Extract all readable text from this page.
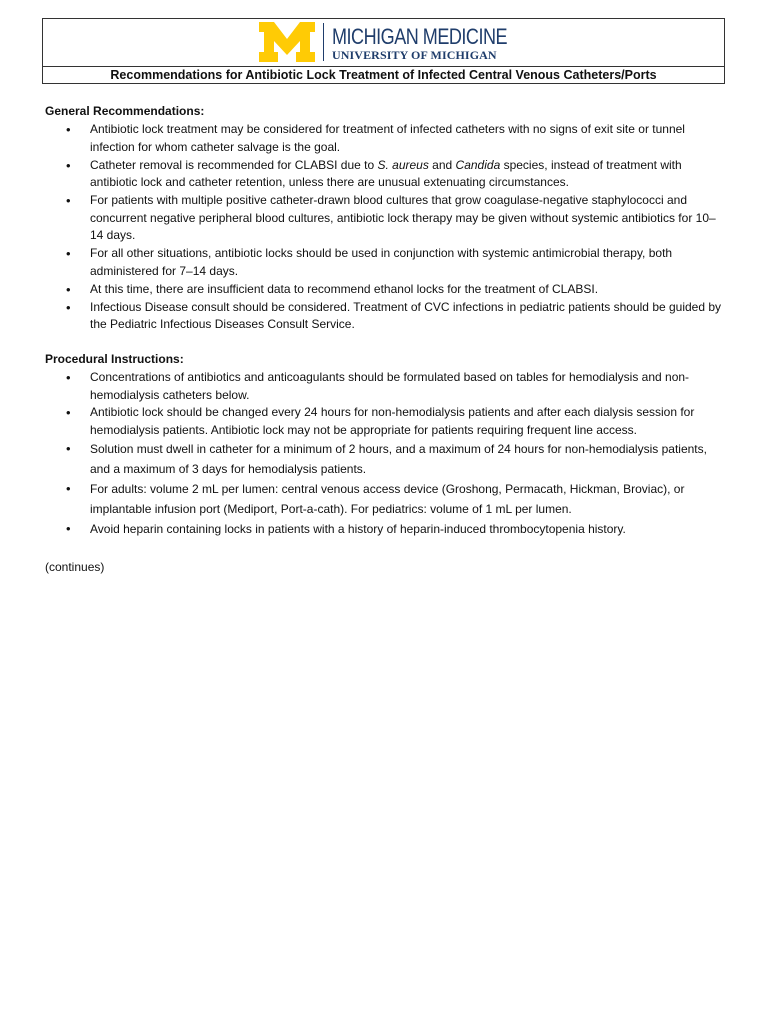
MICHIGAN MEDICINE
UNIVERSITY OF MICHIGAN
Recommendations for Antibiotic Lock Treatment of Infected Central Venous Catheters/Ports
General Recommendations:
• Antibiotic lock treatment may be considered for treatment of infected catheters with no signs of exit site or tunnel infection for whom catheter salvage is the goal.
• Catheter removal is recommended for CLABSI due to S. aureus and Candida species, instead of treatment with antibiotic lock and catheter retention, unless there are unusual extenuating circumstances.
• For patients with multiple positive catheter-drawn blood cultures that grow coagulase-negative staphylococci and concurrent negative peripheral blood cultures, antibiotic lock therapy may be given without systemic antibiotics for 10–14 days.
• For all other situations, antibiotic locks should be used in conjunction with systemic antimicrobial therapy, both administered for 7–14 days.
• At this time, there are insufficient data to recommend ethanol locks for the treatment of CLABSI.
• Infectious Disease consult should be considered. Treatment of CVC infections in pediatric patients should be guided by the Pediatric Infectious Diseases Consult Service.
Procedural Instructions:
• Concentrations of antibiotics and anticoagulants should be formulated based on tables for hemodialysis and non-hemodialysis catheters below.
• Antibiotic lock should be changed every 24 hours for non-hemodialysis patients and after each dialysis session for hemodialysis patients. Antibiotic lock may not be appropriate for patients requiring frequent line access.
• Solution must dwell in catheter for a minimum of 2 hours, and a maximum of 24 hours for non-hemodialysis patients, and a maximum of 3 days for hemodialysis patients.
• For adults: volume 2 mL per lumen: central venous access device (Groshong, Permacath, Hickman, Broviac), or implantable infusion port (Mediport, Port-a-cath). For pediatrics: volume of 1 mL per lumen.
• Avoid heparin containing locks in patients with a history of heparin-induced thrombocytopenia history.
(continues)
